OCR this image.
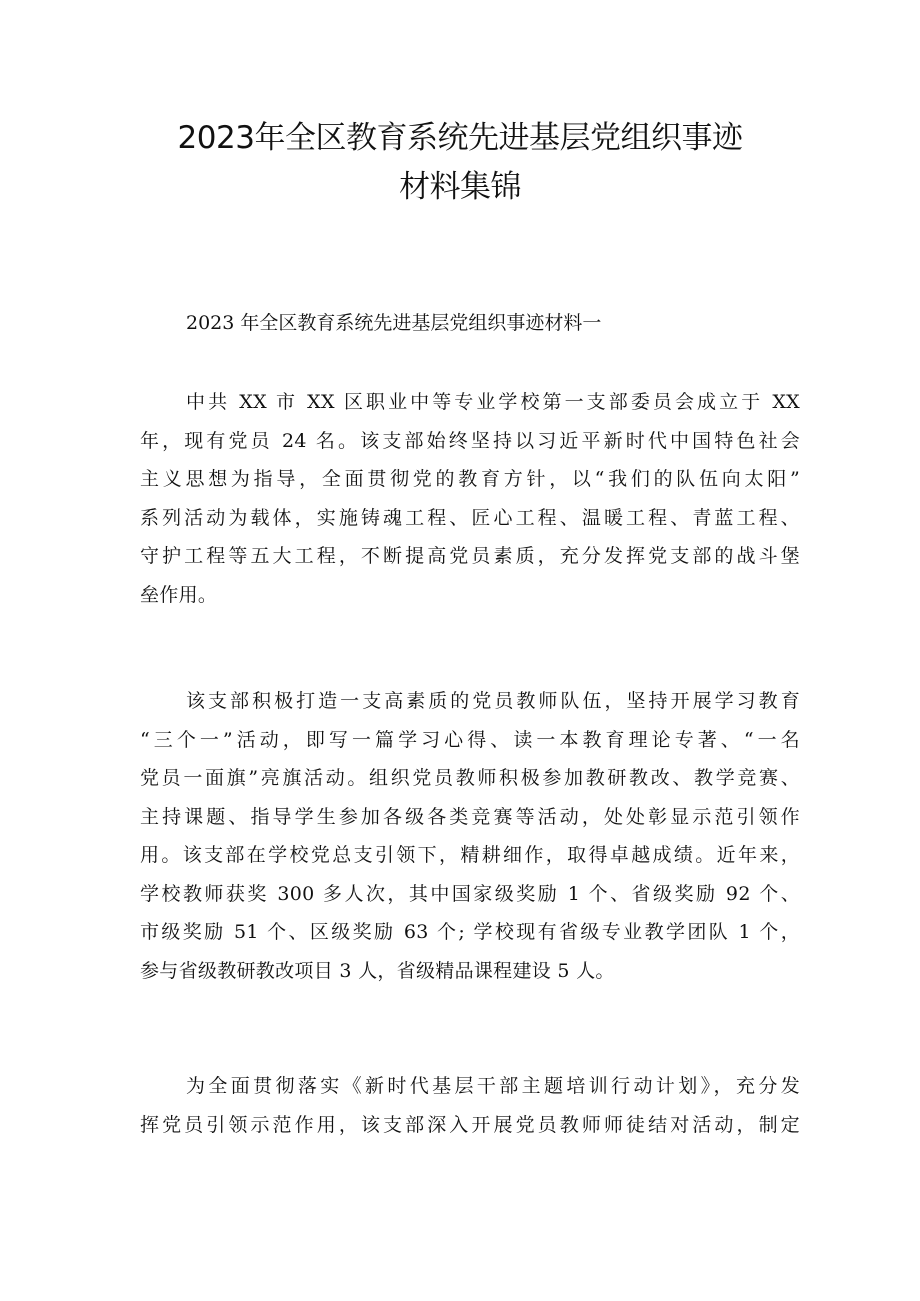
2023年全区教育系统先进基层党组织事迹
材料集锦
2023 年全区教育系统先进基层党组织事迹材料一
中共 XX 市 XX 区职业中等专业学校第一支部委员会成立于 XX
年，现有党员 24 名。该支部始终坚持以习近平新时代中国特色社会
主义思想为指导，全面贯彻党的教育方针，以“我们的队伍向太阳”
系列活动为载体，实施铸魂工程、匠心工程、温暖工程、青蓝工程、
守护工程等五大工程，不断提高党员素质，充分发挥党支部的战斗堡
垒作用。
该支部积极打造一支高素质的党员教师队伍，坚持开展学习教育
“三个一”活动，即写一篇学习心得、读一本教育理论专著、“一名
党员一面旗”亮旗活动。组织党员教师积极参加教研教改、教学竞赛、
主持课题、指导学生参加各级各类竞赛等活动，处处彰显示范引领作
用。该支部在学校党总支引领下，精耕细作，取得卓越成绩。近年来，
学校教师获奖 300 多人次，其中国家级奖励 1 个、省级奖励 92 个、
市级奖励 51 个、区级奖励 63 个; 学校现有省级专业教学团队 1 个，
参与省级教研教改项目 3 人，省级精品课程建设 5 人。
为全面贯彻落实《新时代基层干部主题培训行动计划》，充分发
挥党员引领示范作用，该支部深入开展党员教师师徒结对活动，制定
